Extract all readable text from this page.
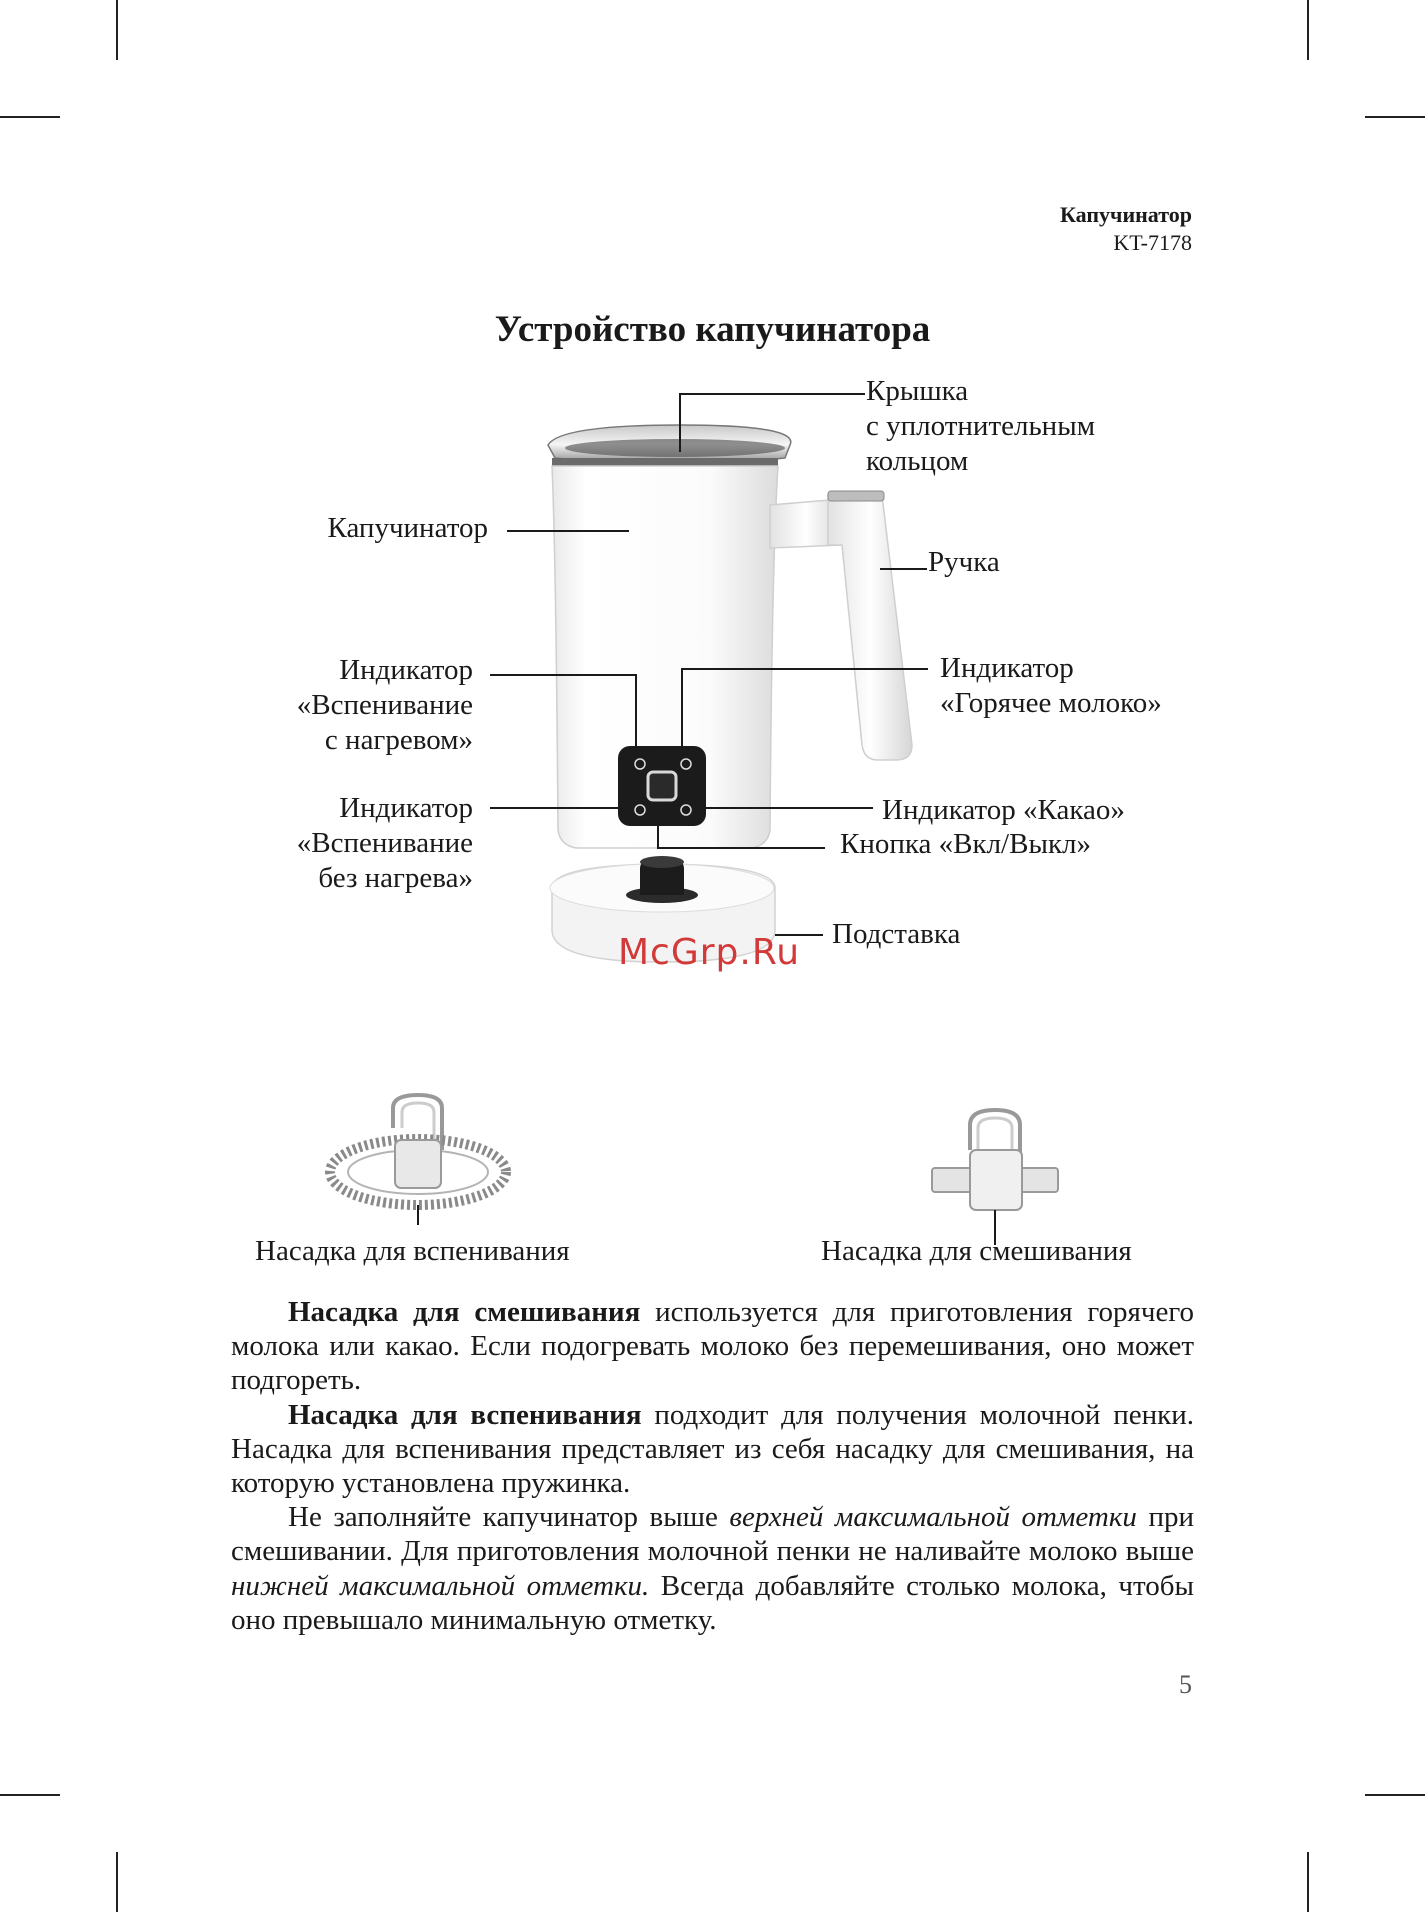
Капучинатор
KT-7178
Устройство капучинатора
Крышка
с уплотнительным
кольцом
Капучинатор
Ручка
Индикатор
«Вспенивание
с нагревом»
Индикатор
«Горячее молоко»
Индикатор
«Вспенивание
без нагрева»
Индикатор «Какао»
Кнопка «Вкл/Выкл»
Подставка
McGrp.Ru
Насадка для вспенивания	Насадка для смешивания

Насадка для смешивания используется для приготовления горячего молока или какао. Если подогревать молоко без перемешивания, оно может подгореть.

Насадка для вспенивания подходит для получения молочной пенки. Насадка для вспенивания представляет из себя насадку для смешивания, на которую установлена пружинка.

Не заполняйте капучинатор выше верхней максимальной отметки при смешивании. Для приготовления молочной пенки не наливайте молоко выше нижней максимальной отметки. Всегда добавляйте столько молока, чтобы оно превышало минимальную отметку.

5
